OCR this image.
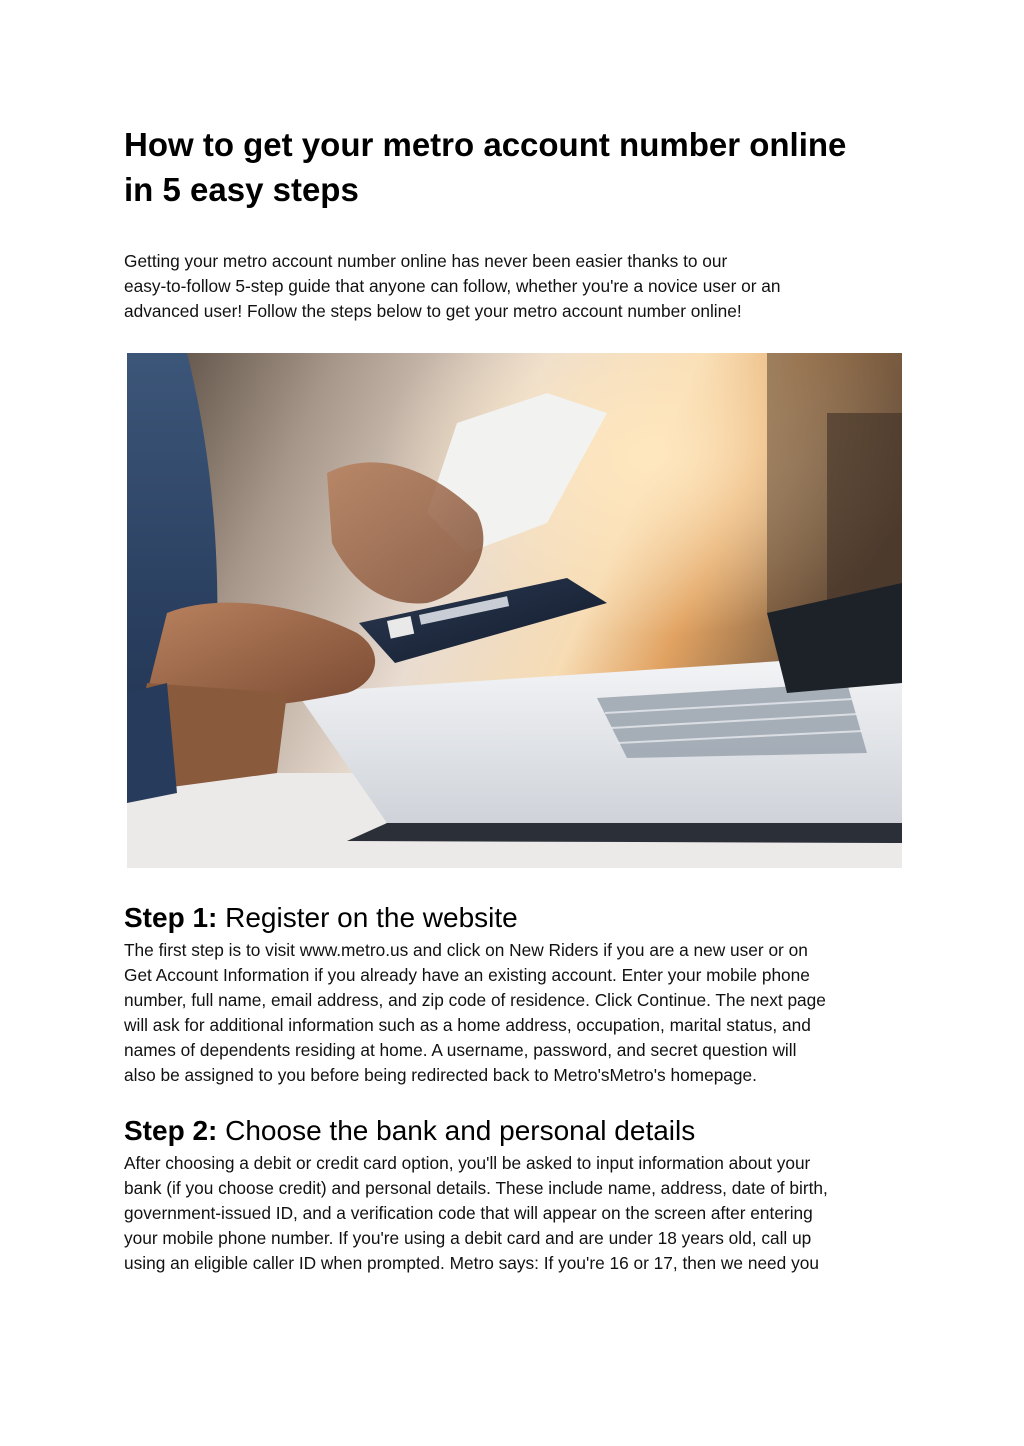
How to get your metro account number online
in 5 easy steps

Getting your metro account number online has never been easier thanks to our
easy-to-follow 5-step guide that anyone can follow, whether you're a novice user or an
advanced user! Follow the steps below to get your metro account number online!

Step 1: Register on the website

The first step is to visit www.metro.us and click on New Riders if you are a new user or on
Get Account Information if you already have an existing account. Enter your mobile phone
number, full name, email address, and zip code of residence. Click Continue. The next page
will ask for additional information such as a home address, occupation, marital status, and
names of dependents residing at home. A username, password, and secret question will
also be assigned to you before being redirected back to Metro'sMetro's homepage.

Step 2: Choose the bank and personal details

After choosing a debit or credit card option, you'll be asked to input information about your
bank (if you choose credit) and personal details. These include name, address, date of birth,
government-issued ID, and a verification code that will appear on the screen after entering
your mobile phone number. If you're using a debit card and are under 18 years old, call up
using an eligible caller ID when prompted. Metro says: If you're 16 or 17, then we need you
